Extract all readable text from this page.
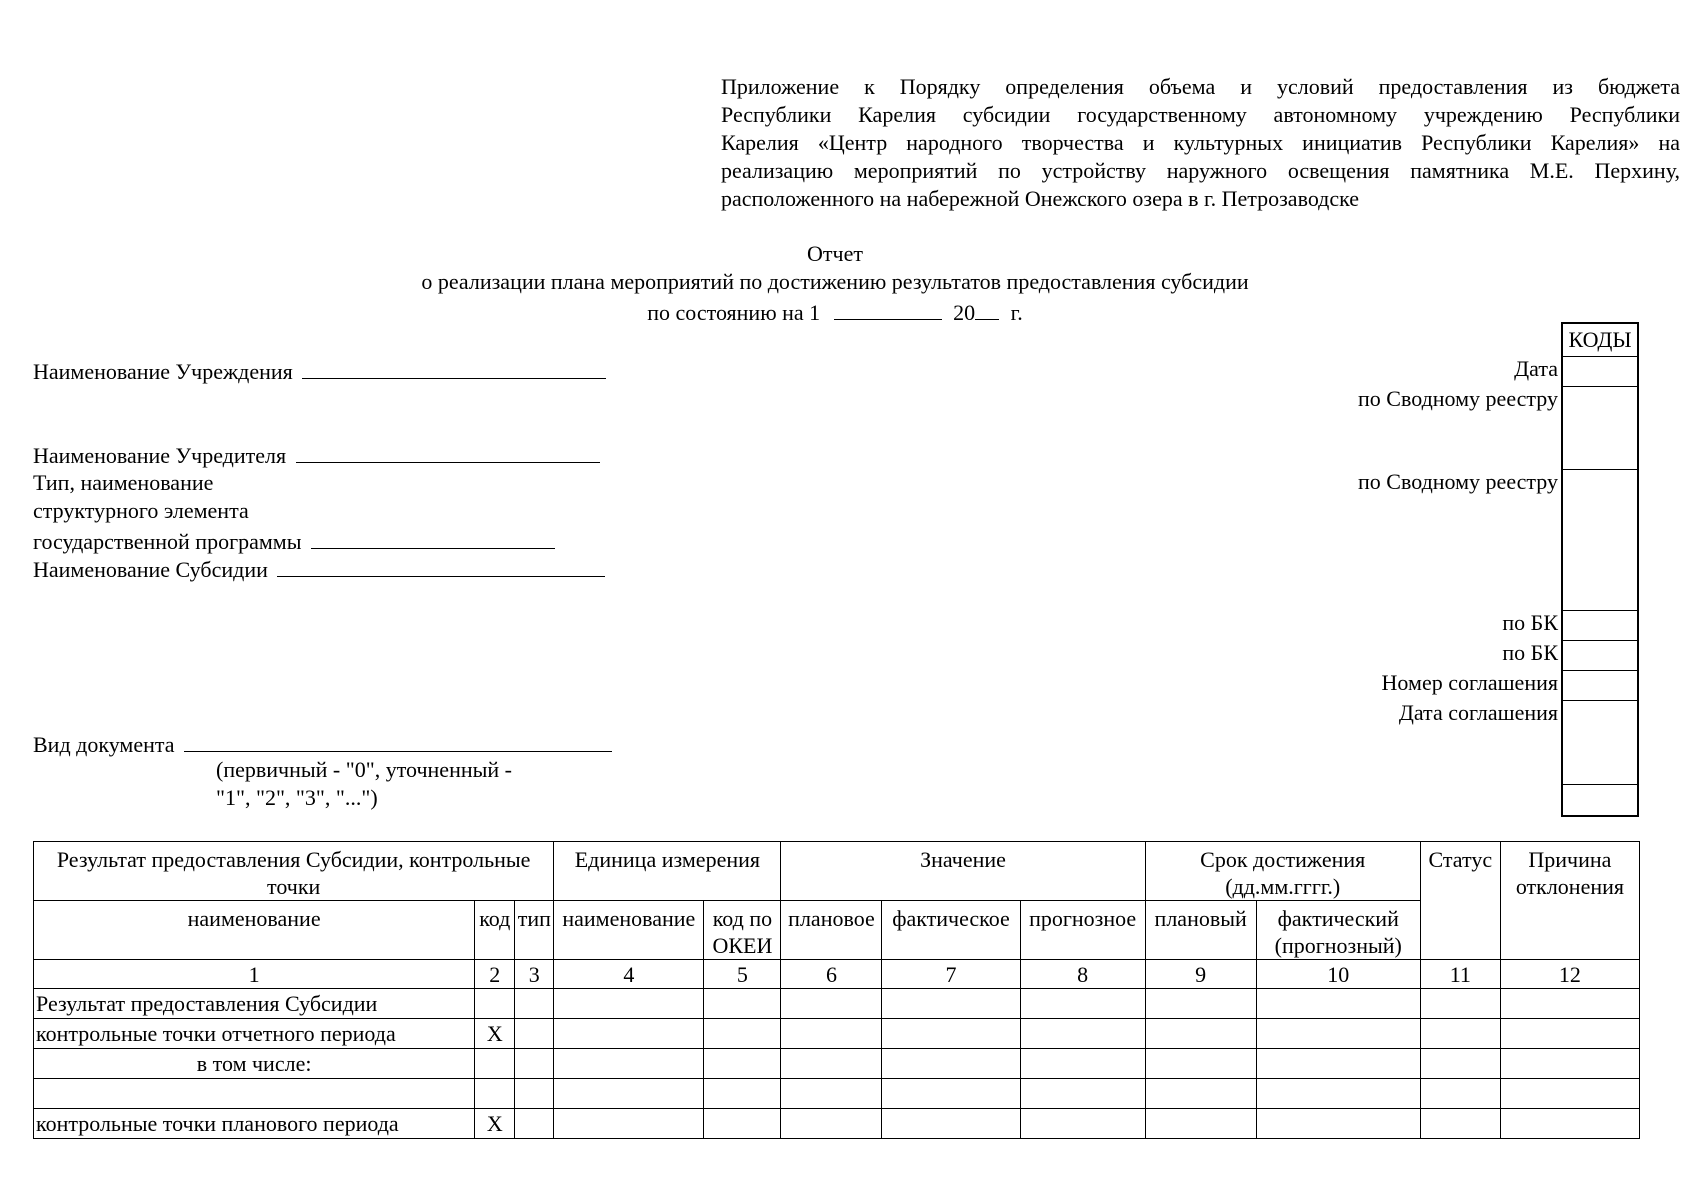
Приложение к Порядку определения объема и условий предоставления из бюджета
Республики Карелия субсидии государственному автономному учреждению Республики
Карелия «Центр народного творчества и культурных инициатив Республики Карелия» на
реализацию мероприятий по устройству наружного освещения памятника М.Е. Перхину,
расположенного на набережной Онежского озера в г. Петрозаводске
Отчет
о реализации плана мероприятий по достижению результатов предоставления субсидии
по состоянию на 1	20 г.
Наименование Учреждения
Наименование Учредителя
Тип, наименование
структурного элемента
государственной программы
Наименование Субсидии
Вид документа
(первичный - "0", уточненный -
"1", "2", "3", "...")
Дата
по Сводному реестру
по Сводному реестру
по БК
по БК
Номер соглашения
Дата соглашения
КОДЫ
Результат предоставления Субсидии, контрольные точки			Единица измерения		Значение			Срок достижения (дд.мм.гггг.)		Статус	Причина отклонения
наименование	код	тип	наименование	код по ОКЕИ	плановое	фактическое	прогнозное	плановый	фактический (прогнозный)		
1	2	3	4	5	6	7	8	9	10	11	12
Результат предоставления Субсидии											
контрольные точки отчетного периода	X										
в том числе:											

контрольные точки планового периода	X										
